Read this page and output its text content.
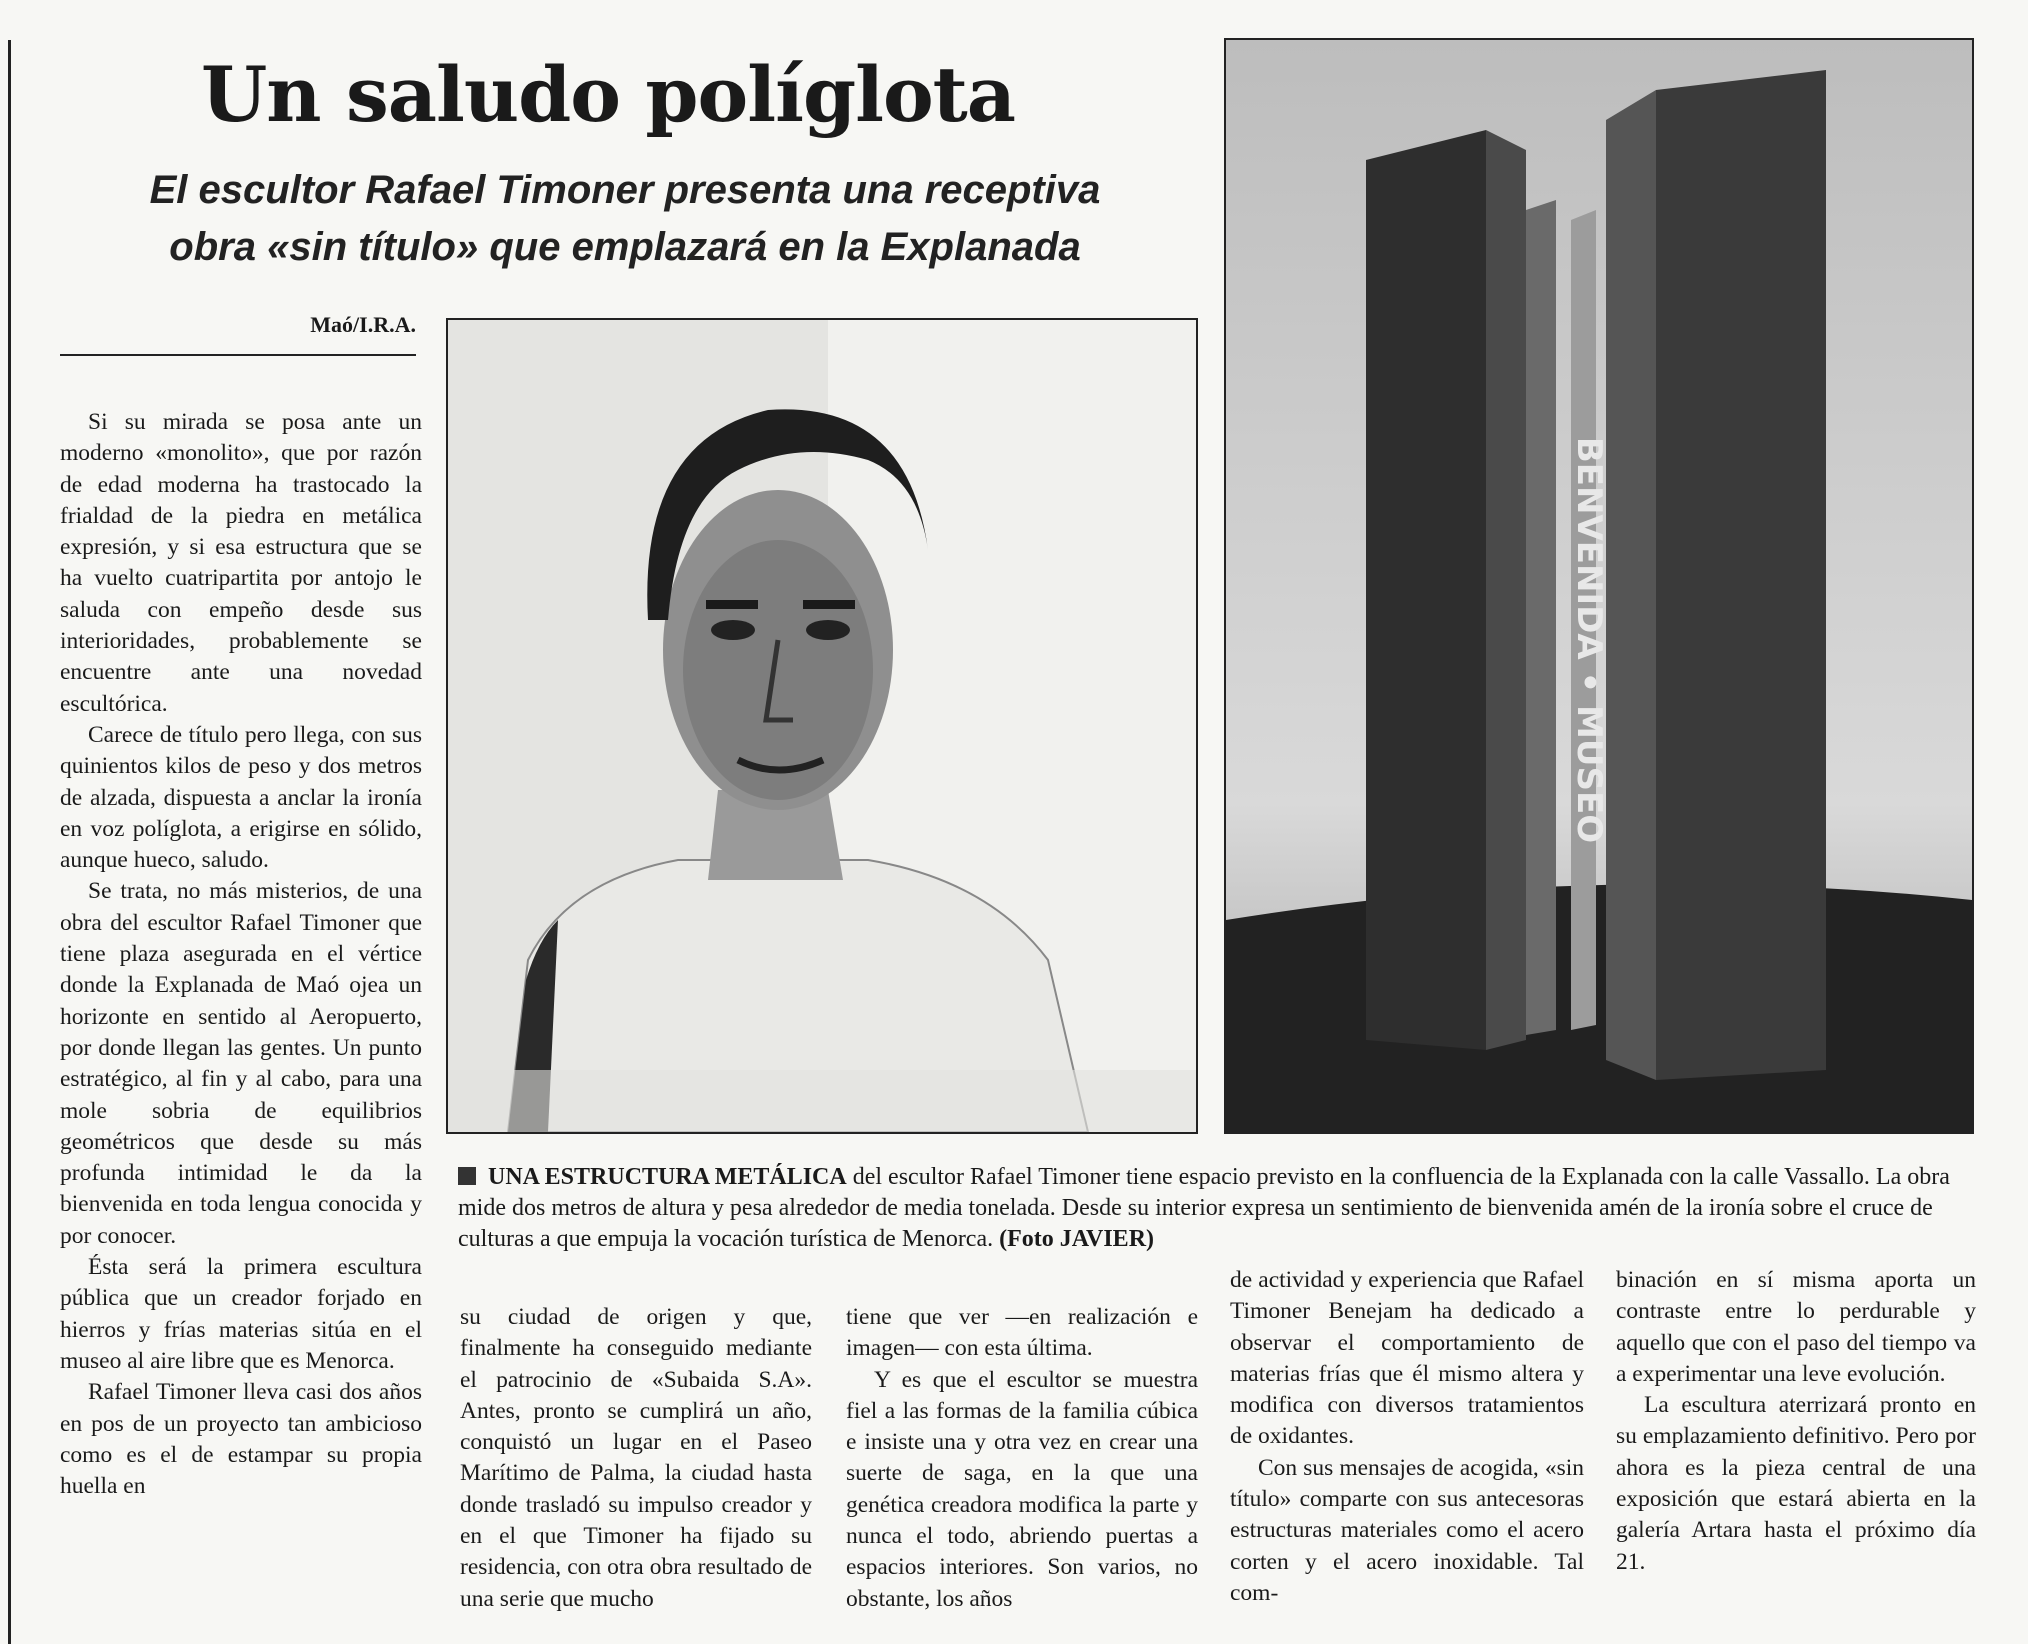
Un saludo políglota
El escultor Rafael Timoner presenta una receptiva
obra «sin título» que emplazará en la Explanada
Maó/I.R.A.

Si su mirada se posa ante un moderno «monolito», que por razón de edad moderna ha trastocado la frialdad de la piedra en metálica expresión, y si esa estructura que se ha vuelto cuatripartita por antojo le saluda con empeño desde sus interioridades, probablemente se encuentre ante una novedad escultórica.

Carece de título pero llega, con sus quinientos kilos de peso y dos metros de alzada, dispuesta a anclar la ironía en voz políglota, a erigirse en sólido, aunque hueco, saludo.

Se trata, no más misterios, de una obra del escultor Rafael Timoner que tiene plaza asegurada en el vértice donde la Explanada de Maó ojea un horizonte en sentido al Aeropuerto, por donde llegan las gentes. Un punto estratégico, al fin y al cabo, para una mole sobria de equilibrios geométricos que desde su más profunda intimidad le da la bienvenida en toda lengua conocida y por conocer.

Ésta será la primera escultura pública que un creador forjado en hierros y frías materias sitúa en el museo al aire libre que es Menorca.

Rafael Timoner lleva casi dos años en pos de un proyecto tan ambicioso como es el de estampar su propia huella en

BENVENIDA • MUSEO
UNA ESTRUCTURA METÁLICA del escultor Rafael Timoner tiene espacio previsto en la confluencia de la Explanada con la calle Vassallo. La obra mide dos metros de altura y pesa alrededor de media tonelada. Desde su interior expresa un sentimiento de bienvenida amén de la ironía sobre el cruce de culturas a que empuja la vocación turística de Menorca. (Foto JAVIER)

su ciudad de origen y que, finalmente ha conseguido mediante el patrocinio de «Subaida S.A». Antes, pronto se cumplirá un año, conquistó un lugar en el Paseo Marítimo de Palma, la ciudad hasta donde trasladó su impulso creador y en el que Timoner ha fijado su residencia, con otra obra resultado de una serie que mucho

tiene que ver —en realización e imagen— con esta última.

Y es que el escultor se muestra fiel a las formas de la familia cúbica e insiste una y otra vez en crear una suerte de saga, en la que una genética creadora modifica la parte y nunca el todo, abriendo puertas a espacios interiores. Son varios, no obstante, los años

de actividad y experiencia que Rafael Timoner Benejam ha dedicado a observar el comportamiento de materias frías que él mismo altera y modifica con diversos tratamientos de oxidantes.

Con sus mensajes de acogida, «sin título» comparte con sus antecesoras estructuras materiales como el acero corten y el acero inoxidable. Tal com-

binación en sí misma aporta un contraste entre lo perdurable y aquello que con el paso del tiempo va a experimentar una leve evolución.

La escultura aterrizará pronto en su emplazamiento definitivo. Pero por ahora es la pieza central de una exposición que estará abierta en la galería Artara hasta el próximo día 21.
